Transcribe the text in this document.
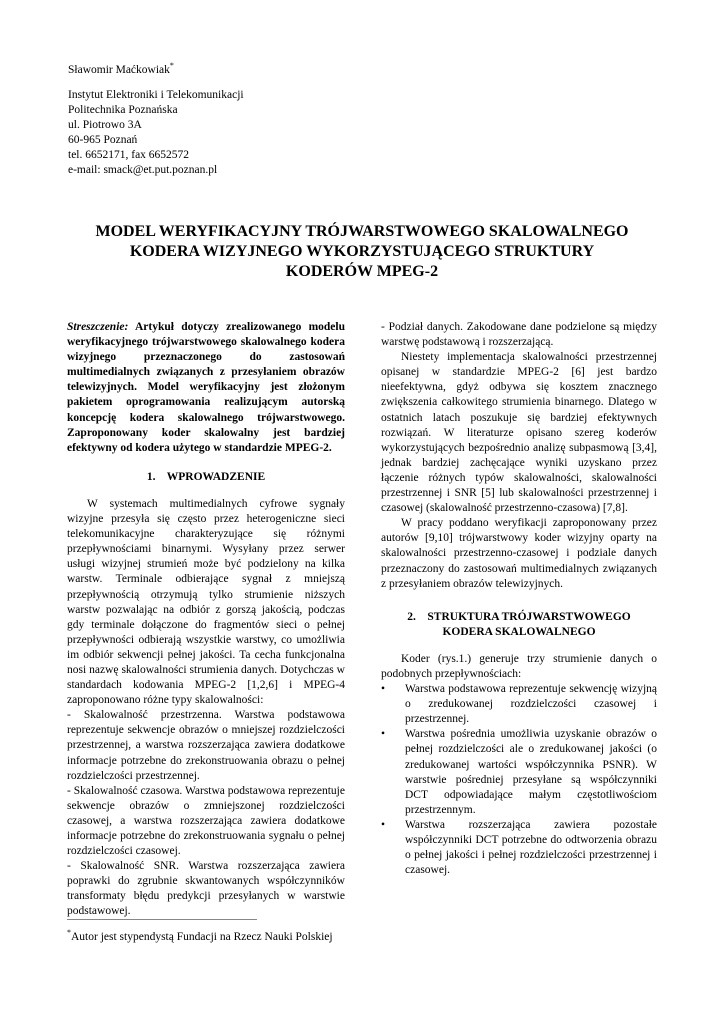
Sławomir Maćkowiak*
Instytut Elektroniki i Telekomunikacji
Politechnika Poznańska
ul. Piotrowo 3A
60-965 Poznań
tel. 6652171, fax 6652572
e-mail: smack@et.put.poznan.pl
MODEL WERYFIKACYJNY TRÓJWARSTWOWEGO SKALOWALNEGO
KODERA WIZYJNEGO WYKORZYSTUJĄCEGO STRUKTURY
KODERÓW MPEG-2

Streszczenie: Artykuł dotyczy zrealizowanego modelu weryfikacyjnego trójwarstwowego skalowalnego kodera wizyjnego przeznaczonego do zastosowań multimedialnych związanych z przesyłaniem obrazów telewizyjnych. Model weryfikacyjny jest złożonym pakietem oprogramowania realizującym autorską koncepcję kodera skalowalnego trójwarstwowego. Zaproponowany koder skalowalny jest bardziej efektywny od kodera użytego w standardzie MPEG-2.

1.    WPROWADZENIE

W systemach multimedialnych cyfrowe sygnały wizyjne przesyła się często przez heterogeniczne sieci telekomunikacyjne charakteryzujące się różnymi przepływnościami binarnymi. Wysyłany przez serwer usługi wizyjnej strumień może być podzielony na kilka warstw. Terminale odbierające sygnał z mniejszą przepływnością otrzymują tylko strumienie niższych warstw pozwalając na odbiór z gorszą jakością, podczas gdy terminale dołączone do fragmentów sieci o pełnej przepływności odbierają wszystkie warstwy, co umożliwia im odbiór sekwencji pełnej jakości. Ta cecha funkcjonalna nosi nazwę skalowalności strumienia danych. Dotychczas w standardach kodowania MPEG-2 [1,2,6] i MPEG-4 zaproponowano różne typy skalowalności:

- Skalowalność przestrzenna. Warstwa podstawowa reprezentuje sekwencje obrazów o mniejszej rozdzielczości przestrzennej, a warstwa rozszerzająca zawiera dodatkowe informacje potrzebne do zrekonstruowania obrazu o pełnej rozdzielczości przestrzennej.

- Skalowalność czasowa. Warstwa podstawowa reprezentuje sekwencje obrazów o zmniejszonej rozdzielczości czasowej, a warstwa rozszerzająca zawiera dodatkowe informacje potrzebne do zrekonstruowania sygnału o pełnej rozdzielczości czasowej.

- Skalowalność SNR. Warstwa rozszerzająca zawiera poprawki do zgrubnie skwantowanych współczynników transformaty błędu predykcji przesyłanych w warstwie podstawowej.

- Podział danych. Zakodowane dane podzielone są między warstwę podstawową i rozszerzającą.

Niestety implementacja skalowalności przestrzennej opisanej w standardzie MPEG-2 [6] jest bardzo nieefektywna, gdyż odbywa się kosztem znacznego zwiększenia całkowitego strumienia binarnego. Dlatego w ostatnich latach poszukuje się bardziej efektywnych rozwiązań. W literaturze opisano szereg koderów wykorzystujących bezpośrednio analizę subpasmową [3,4], jednak bardziej zachęcające wyniki uzyskano przez łączenie różnych typów skalowalności, skalowalności przestrzennej i SNR [5] lub skalowalności przestrzennej i czasowej (skalowalność przestrzenno-czasowa) [7,8].

W pracy poddano weryfikacji zaproponowany przez autorów [9,10] trójwarstwowy koder wizyjny oparty na skalowalności przestrzenno-czasowej i podziale danych przeznaczony do zastosowań multimedialnych związanych z przesyłaniem obrazów telewizyjnych.

2.    STRUKTURA TRÓJWARSTWOWEGO
KODERA SKALOWALNEGO

Koder (rys.1.) generuje trzy strumienie danych o podobnych przepływnościach:

• Warstwa podstawowa reprezentuje sekwencję wizyjną o zredukowanej rozdzielczości czasowej i przestrzennej.
• Warstwa pośrednia umożliwia uzyskanie obrazów o pełnej rozdzielczości ale o zredukowanej jakości (o zredukowanej wartości współczynnika PSNR). W warstwie pośredniej przesyłane są współczynniki DCT odpowiadające małym częstotliwościom przestrzennym.
• Warstwa rozszerzająca zawiera pozostałe współczynniki DCT potrzebne do odtworzenia obrazu o pełnej jakości i pełnej rozdzielczości przestrzennej i czasowej.
*Autor jest stypendystą Fundacji na Rzecz Nauki Polskiej
